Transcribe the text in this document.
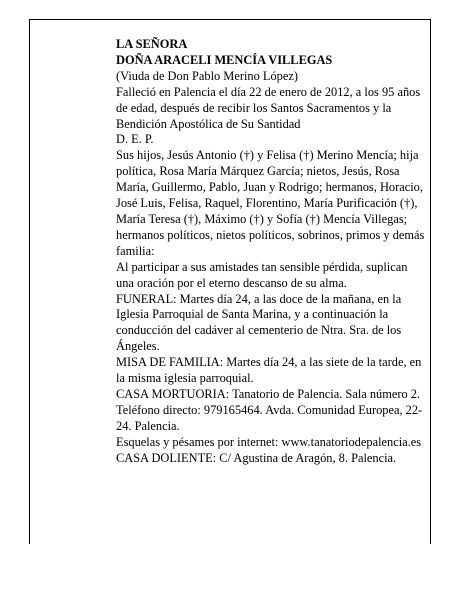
LA SEÑORA

DOÑA ARACELI MENCÍA VILLEGAS

(Viuda de Don Pablo Merino López)

Falleció en Palencia el día 22 de enero de 2012, a los 95 años de edad, después de recibir los Santos Sacramentos y la Bendición Apostólica de Su Santidad

D. E. P.

Sus hijos, Jesús Antonio (†) y Felisa (†) Merino Mencía; hija política, Rosa María Márquez García; nietos, Jesús, Rosa María, Guillermo, Pablo, Juan y Rodrigo; hermanos, Horacio, José Luis, Felisa, Raquel, Florentino, María Purificación (†), María Teresa (†), Máximo (†) y Sofía (†) Mencía Villegas; hermanos políticos, nietos políticos, sobrinos, primos y demás familia:

Al participar a sus amistades tan sensible pérdida, suplican una oración por el eterno descanso de su alma.

FUNERAL: Martes día 24, a las doce de la mañana, en la Iglesia Parroquial de Santa Marina, y a continuación la conducción del cadáver al cementerio de Ntra. Sra. de los Ángeles.

MISA DE FAMILIA: Martes día 24, a las siete de la tarde, en la misma iglesia parroquial.

CASA MORTUORIA: Tanatorio de Palencia. Sala número 2. Teléfono directo: 979165464. Avda. Comunidad Europea, 22-24. Palencia.

Esquelas y pésames por internet: www.tanatoriodepalencia.es

CASA DOLIENTE: C/ Agustina de Aragón, 8. Palencia.
